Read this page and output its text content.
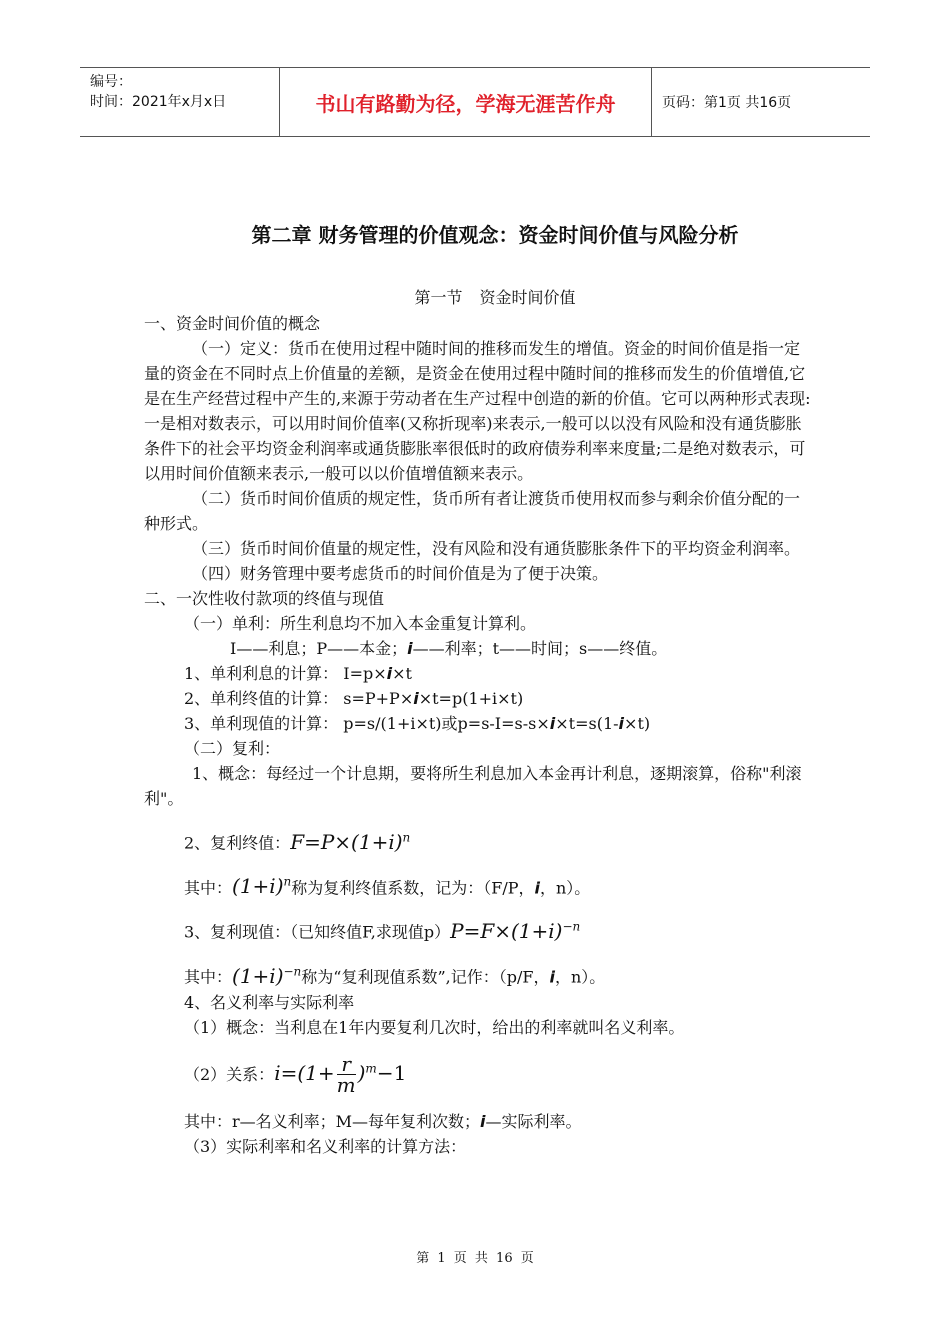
编号：
时间：2021年x月x日	书山有路勤为径，学海无涯苦作舟	页码：第1页 共16页
第二章 财务管理的价值观念：资金时间价值与风险分析
第一节 资金时间价值

一、资金时间价值的概念

（一）定义：货币在使用过程中随时间的推移而发生的增值。资金的时间价值是指一定量的资金在不同时点上价值量的差额，是资金在使用过程中随时间的推移而发生的价值增值,它是在生产经营过程中产生的,来源于劳动者在生产过程中创造的新的价值。它可以两种形式表现:一是相对数表示，可以用时间价值率(又称折现率)来表示,一般可以以没有风险和没有通货膨胀条件下的社会平均资金利润率或通货膨胀率很低时的政府债券利率来度量;二是绝对数表示，可以用时间价值额来表示,一般可以以价值增值额来表示。

（二）货币时间价值质的规定性，货币所有者让渡货币使用权而参与剩余价值分配的一种形式。

（三）货币时间价值量的规定性，没有风险和没有通货膨胀条件下的平均资金利润率。

（四）财务管理中要考虑货币的时间价值是为了便于决策。

二、一次性收付款项的终值与现值

（一）单利：所生利息均不加入本金重复计算利。

I——利息；P——本金；i——利率；t——时间；s——终值。

1、单利利息的计算： I=p×i×t

2、单利终值的计算： s=P+P×i×t=p(1+i×t)

3、单利现值的计算： p=s/(1+i×t)或p=s-I=s-s×i×t=s(1-i×t)

（二）复利：

1、概念：每经过一个计息期，要将所生利息加入本金再计利息，逐期滚算，俗称"利滚利"。

2、复利终值：$F=P\times(1+i)^n$

其中：$(1+i)^n$称为复利终值系数，记为：（F/P，i，n）。

3、复利现值：（已知终值F,求现值$p)P=F\times(1+i)^{-n}$

其中：$(1+i)^{-n}$称为“复利现值系数”,记作：（p/F，i，n）。

4、名义利率与实际利率

（1）概念：当利息在1年内要复利几次时，给出的利率就叫名义利率。

（2）关系：$i=(1+ \frac{r}{m} )^m-1$

其中：r—名义利率；M—每年复利次数；i—实际利率。

（3）实际利率和名义利率的计算方法：

第 1 页 共 16 页
